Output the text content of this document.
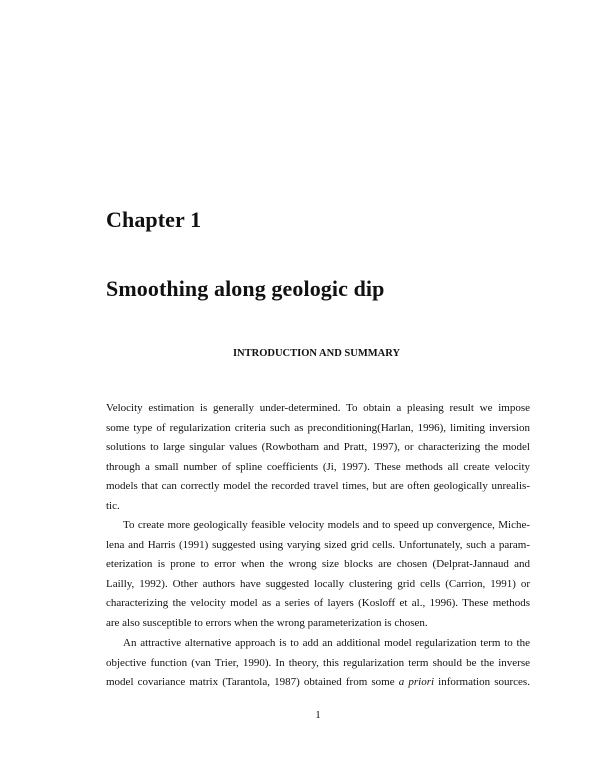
Chapter 1
Smoothing along geologic dip
INTRODUCTION AND SUMMARY
Velocity estimation is generally under-determined. To obtain a pleasing result we impose
some type of regularization criteria such as preconditioning(Harlan, 1996), limiting inversion
solutions to large singular values (Rowbotham and Pratt, 1997), or characterizing the model
through a small number of spline coefficients (Ji, 1997). These methods all create velocity
models that can correctly model the recorded travel times, but are often geologically unrealis-
tic.
To create more geologically feasible velocity models and to speed up convergence, Miche-
lena and Harris (1991) suggested using varying sized grid cells. Unfortunately, such a param-
eterization is prone to error when the wrong size blocks are chosen (Delprat-Jannaud and
Lailly, 1992). Other authors have suggested locally clustering grid cells (Carrion, 1991) or
characterizing the velocity model as a series of layers (Kosloff et al., 1996). These methods
are also susceptible to errors when the wrong parameterization is chosen.
An attractive alternative approach is to add an additional model regularization term to the
objective function (van Trier, 1990). In theory, this regularization term should be the inverse
model covariance matrix (Tarantola, 1987) obtained from some a priori information sources.
1
